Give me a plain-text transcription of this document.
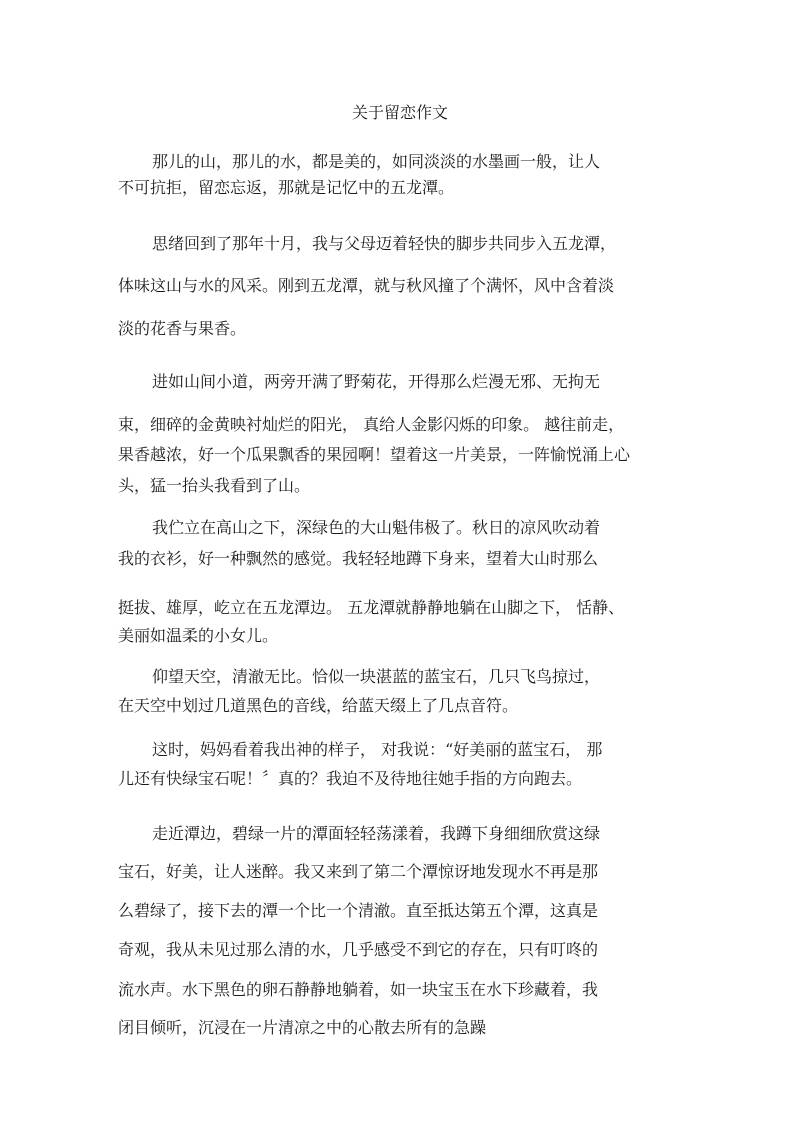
关于留恋作文
那儿的山，那儿的水，都是美的，如同淡淡的水墨画一般，让人
不可抗拒，留恋忘返，那就是记忆中的五龙潭。
思绪回到了那年十月，我与父母迈着轻快的脚步共同步入五龙潭，
体味这山与水的风采。刚到五龙潭，就与秋风撞了个满怀，风中含着淡
淡的花香与果香。
进如山间小道，两旁开满了野菊花，开得那么烂漫无邪、无拘无
束，细碎的金黄映衬灿烂的阳光， 真给人金影闪烁的印象。 越往前走，
果香越浓，好一个瓜果飘香的果园啊！望着这一片美景，一阵愉悦涌上心
头，猛一抬头我看到了山。
我伫立在高山之下，深绿色的大山魁伟极了。秋日的凉风吹动着
我的衣衫，好一种飘然的感觉。我轻轻地蹲下身来，望着大山时那么
挺拔、雄厚，屹立在五龙潭边。 五龙潭就静静地躺在山脚之下， 恬静、
美丽如温柔的小女儿。
仰望天空，清澈无比。恰似一块湛蓝的蓝宝石，几只飞鸟掠过，
在天空中划过几道黑色的音线，给蓝天缀上了几点音符。
这时，妈妈看着我出神的样子， 对我说：“好美丽的蓝宝石， 那
儿还有快绿宝石呢！〞真的？我迫不及待地往她手指的方向跑去。
走近潭边，碧绿一片的潭面轻轻荡漾着，我蹲下身细细欣赏这绿
宝石，好美，让人迷醉。我又来到了第二个潭惊讶地发现水不再是那
么碧绿了，接下去的潭一个比一个清澈。直至抵达第五个潭，这真是
奇观，我从未见过那么清的水，几乎感受不到它的存在，只有叮咚的
流水声。水下黑色的卵石静静地躺着，如一块宝玉在水下珍藏着，我
闭目倾听，沉浸在一片清凉之中的心散去所有的急躁
